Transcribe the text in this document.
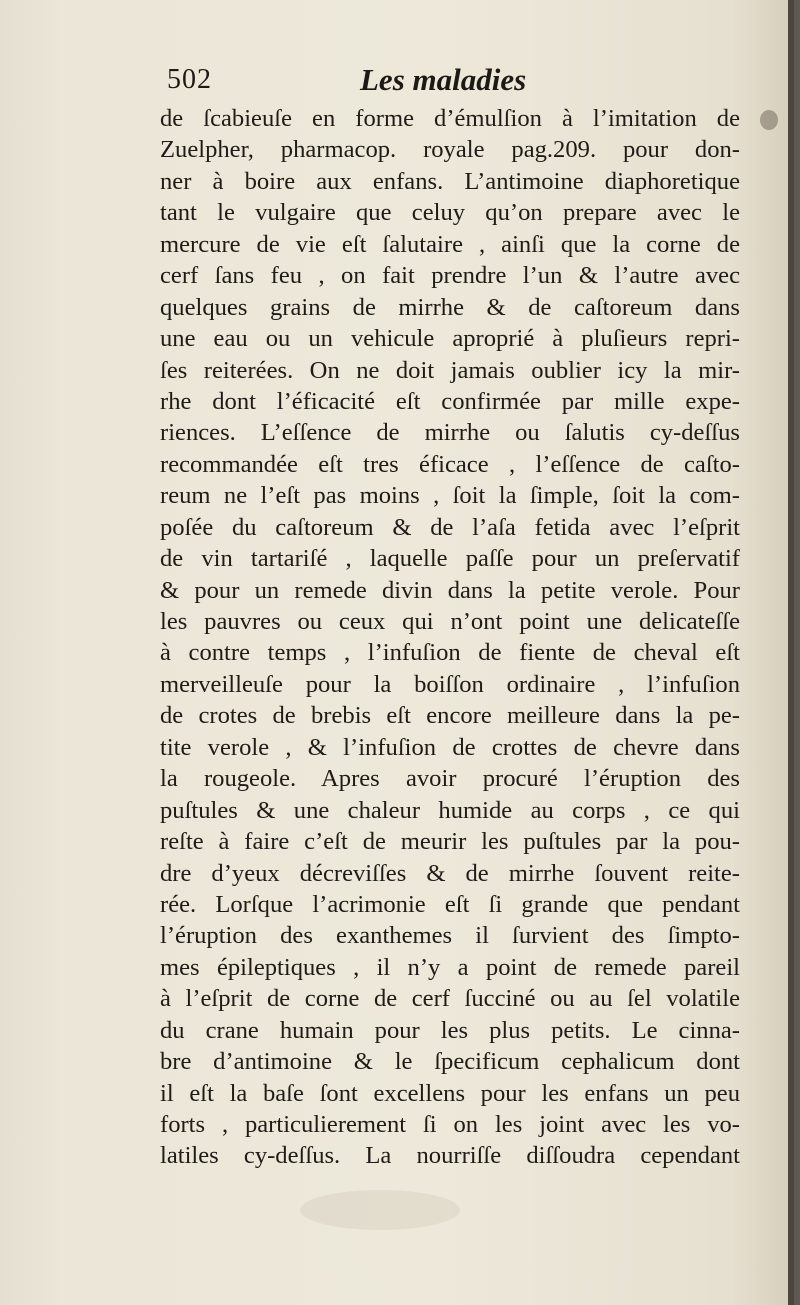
502	Les maladies
de ſcabieuſe en forme d’émulſion à l’imitation de
Zuelpher, pharmacop. royale pag.209. pour don-
ner à boire aux enfans. L’antimoine diaphoretique
tant le vulgaire que celuy qu’on prepare avec le
mercure de vie eſt ſalutaire , ainſi que la corne de
cerf ſans feu , on fait prendre l’un & l’autre avec
quelques grains de mirrhe & de caſtoreum dans
une eau ou un vehicule aproprié à pluſieurs repri-
ſes reiterées. On ne doit jamais oublier icy la mir-
rhe dont l’éficacité eſt confirmée par mille expe-
riences. L’eſſence de mirrhe ou ſalutis cy-deſſus
recommandée eſt tres éficace , l’eſſence de caſto-
reum ne l’eſt pas moins , ſoit la ſimple, ſoit la com-
poſée du caſtoreum & de l’aſa fetida avec l’eſprit
de vin tartariſé , laquelle paſſe pour un preſervatif
& pour un remede divin dans la petite verole. Pour
les pauvres ou ceux qui n’ont point une delicateſſe
à contre temps , l’infuſion de fiente de cheval eſt
merveilleuſe pour la boiſſon ordinaire , l’infuſion
de crotes de brebis eſt encore meilleure dans la pe-
tite verole , & l’infuſion de crottes de chevre dans
la rougeole. Apres avoir procuré l’éruption des
puſtules & une chaleur humide au corps , ce qui
reſte à faire c’eſt de meurir les puſtules par la pou-
dre d’yeux décreviſſes & de mirrhe ſouvent reite-
rée. Lorſque l’acrimonie eſt ſi grande que pendant
l’éruption des exanthemes il ſurvient des ſimpto-
mes épileptiques , il n’y a point de remede pareil
à l’eſprit de corne de cerf ſucciné ou au ſel volatile
du crane humain pour les plus petits. Le cinna-
bre d’antimoine & le ſpecificum cephalicum dont
il eſt la baſe ſont excellens pour les enfans un peu
forts , particulierement ſi on les joint avec les vo-
latiles cy-deſſus. La nourriſſe diſſoudra cependant
